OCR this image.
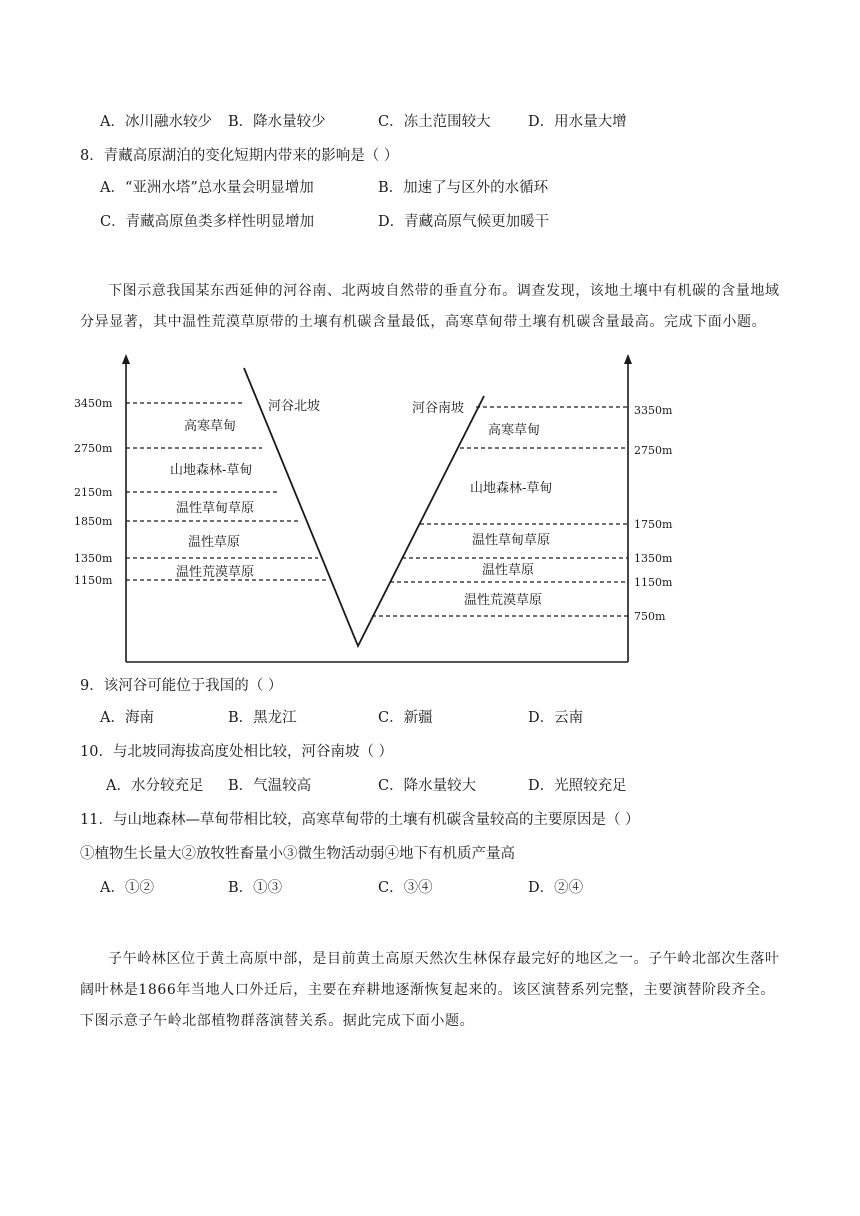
A．冰川融水较少 B．降水量较少	C．冻土范围较大	D．用水量大增
8．青藏高原湖泊的变化短期内带来的影响是（ ）
A．“亚洲水塔”总水量会明显增加	B．加速了与区外的水循环
C．青藏高原鱼类多样性明显增加	D．青藏高原气候更加暖干

下图示意我国某东西延伸的河谷南、北两坡自然带的垂直分布。调查发现，该地土壤中有机碳的含量地域分异显著，其中温性荒漠草原带的土壤有机碳含量最低，高寒草甸带土壤有机碳含量最高。完成下面小题。

河谷北坡	河谷南坡
3450m
2750m
2150m
1850m
1350m
1150m
3350m
2750m
1750m
1350m
1150m
750m
高寒草甸
山地森林-草甸
温性草甸草原
温性草原
温性荒漠草原
高寒草甸
山地森林-草甸
温性草甸草原
温性草原
温性荒漠草原
9．该河谷可能位于我国的（ ）
A．海南	B．黑龙江	C．新疆	D．云南
10．与北坡同海拔高度处相比较，河谷南坡（ ）
A．水分较充足 B．气温较高	C．降水量较大	D．光照较充足
11．与山地森林—草甸带相比较，高寒草甸带的土壤有机碳含量较高的主要原因是（ ）
①植物生长量大②放牧牲畜量小③微生物活动弱④地下有机质产量高
A．①②	B．①③	C．③④	D．②④

子午岭林区位于黄土高原中部，是目前黄土高原天然次生林保存最完好的地区之一。子午岭北部次生落叶阔叶林是1866年当地人口外迁后，主要在弃耕地逐渐恢复起来的。该区演替系列完整，主要演替阶段齐全。下图示意子午岭北部植物群落演替关系。据此完成下面小题。
